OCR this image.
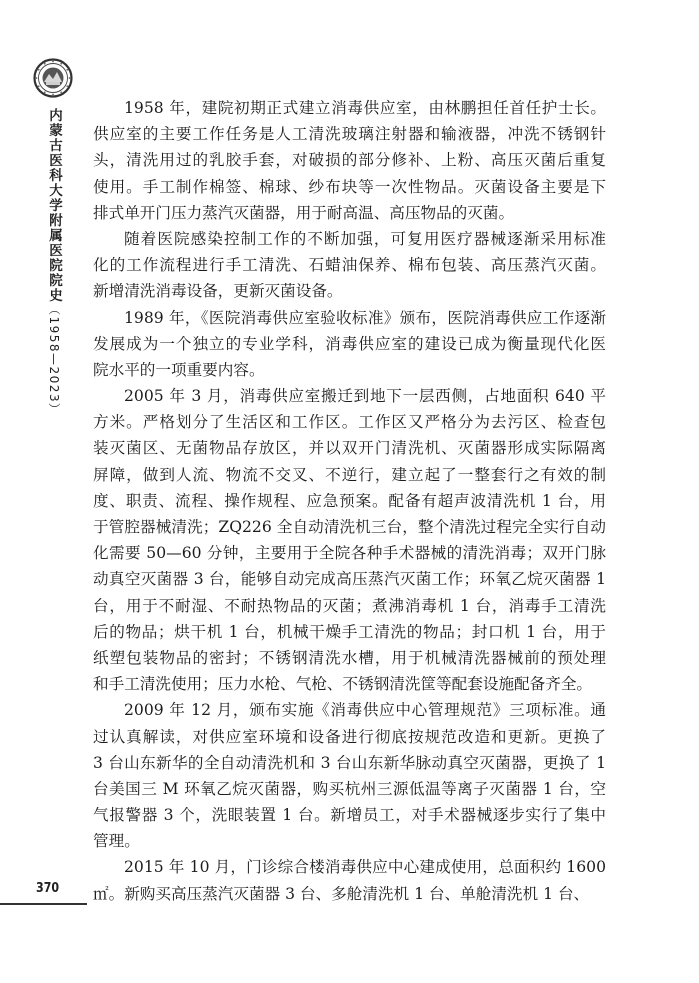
内蒙古医科大学附属医院院史（1958—2023）
370
1958 年，建院初期正式建立消毒供应室，由林鹏担任首任护士长。
供应室的主要工作任务是人工清洗玻璃注射器和输液器，冲洗不锈钢针
头，清洗用过的乳胶手套，对破损的部分修补、上粉、高压灭菌后重复
使用。手工制作棉签、棉球、纱布块等一次性物品。灭菌设备主要是下
排式单开门压力蒸汽灭菌器，用于耐高温、高压物品的灭菌。
随着医院感染控制工作的不断加强，可复用医疗器械逐渐采用标准
化的工作流程进行手工清洗、石蜡油保养、棉布包装、高压蒸汽灭菌。
新增清洗消毒设备，更新灭菌设备。
1989 年，《医院消毒供应室验收标准》颁布，医院消毒供应工作逐渐
发展成为一个独立的专业学科，消毒供应室的建设已成为衡量现代化医
院水平的一项重要内容。
2005 年 3 月，消毒供应室搬迁到地下一层西侧，占地面积 640 平
方米。严格划分了生活区和工作区。工作区又严格分为去污区、检查包
装灭菌区、无菌物品存放区，并以双开门清洗机、灭菌器形成实际隔离
屏障，做到人流、物流不交叉、不逆行，建立起了一整套行之有效的制
度、职责、流程、操作规程、应急预案。配备有超声波清洗机 1 台，用
于管腔器械清洗；ZQ226 全自动清洗机三台，整个清洗过程完全实行自动
化需要 50—60 分钟，主要用于全院各种手术器械的清洗消毒；双开门脉
动真空灭菌器 3 台，能够自动完成高压蒸汽灭菌工作；环氧乙烷灭菌器 1
台，用于不耐湿、不耐热物品的灭菌；煮沸消毒机 1 台，消毒手工清洗
后的物品；烘干机 1 台，机械干燥手工清洗的物品；封口机 1 台，用于
纸塑包装物品的密封；不锈钢清洗水槽，用于机械清洗器械前的预处理
和手工清洗使用；压力水枪、气枪、不锈钢清洗筐等配套设施配备齐全。
2009 年 12 月，颁布实施《消毒供应中心管理规范》三项标准。通
过认真解读，对供应室环境和设备进行彻底按规范改造和更新。更换了
3 台山东新华的全自动清洗机和 3 台山东新华脉动真空灭菌器，更换了 1
台美国三 M 环氧乙烷灭菌器，购买杭州三源低温等离子灭菌器 1 台，空
气报警器 3 个，洗眼装置 1 台。新增员工，对手术器械逐步实行了集中
管理。
2015 年 10 月，门诊综合楼消毒供应中心建成使用，总面积约 1600
㎡。新购买高压蒸汽灭菌器 3 台、多舱清洗机 1 台、单舱清洗机 1 台、
